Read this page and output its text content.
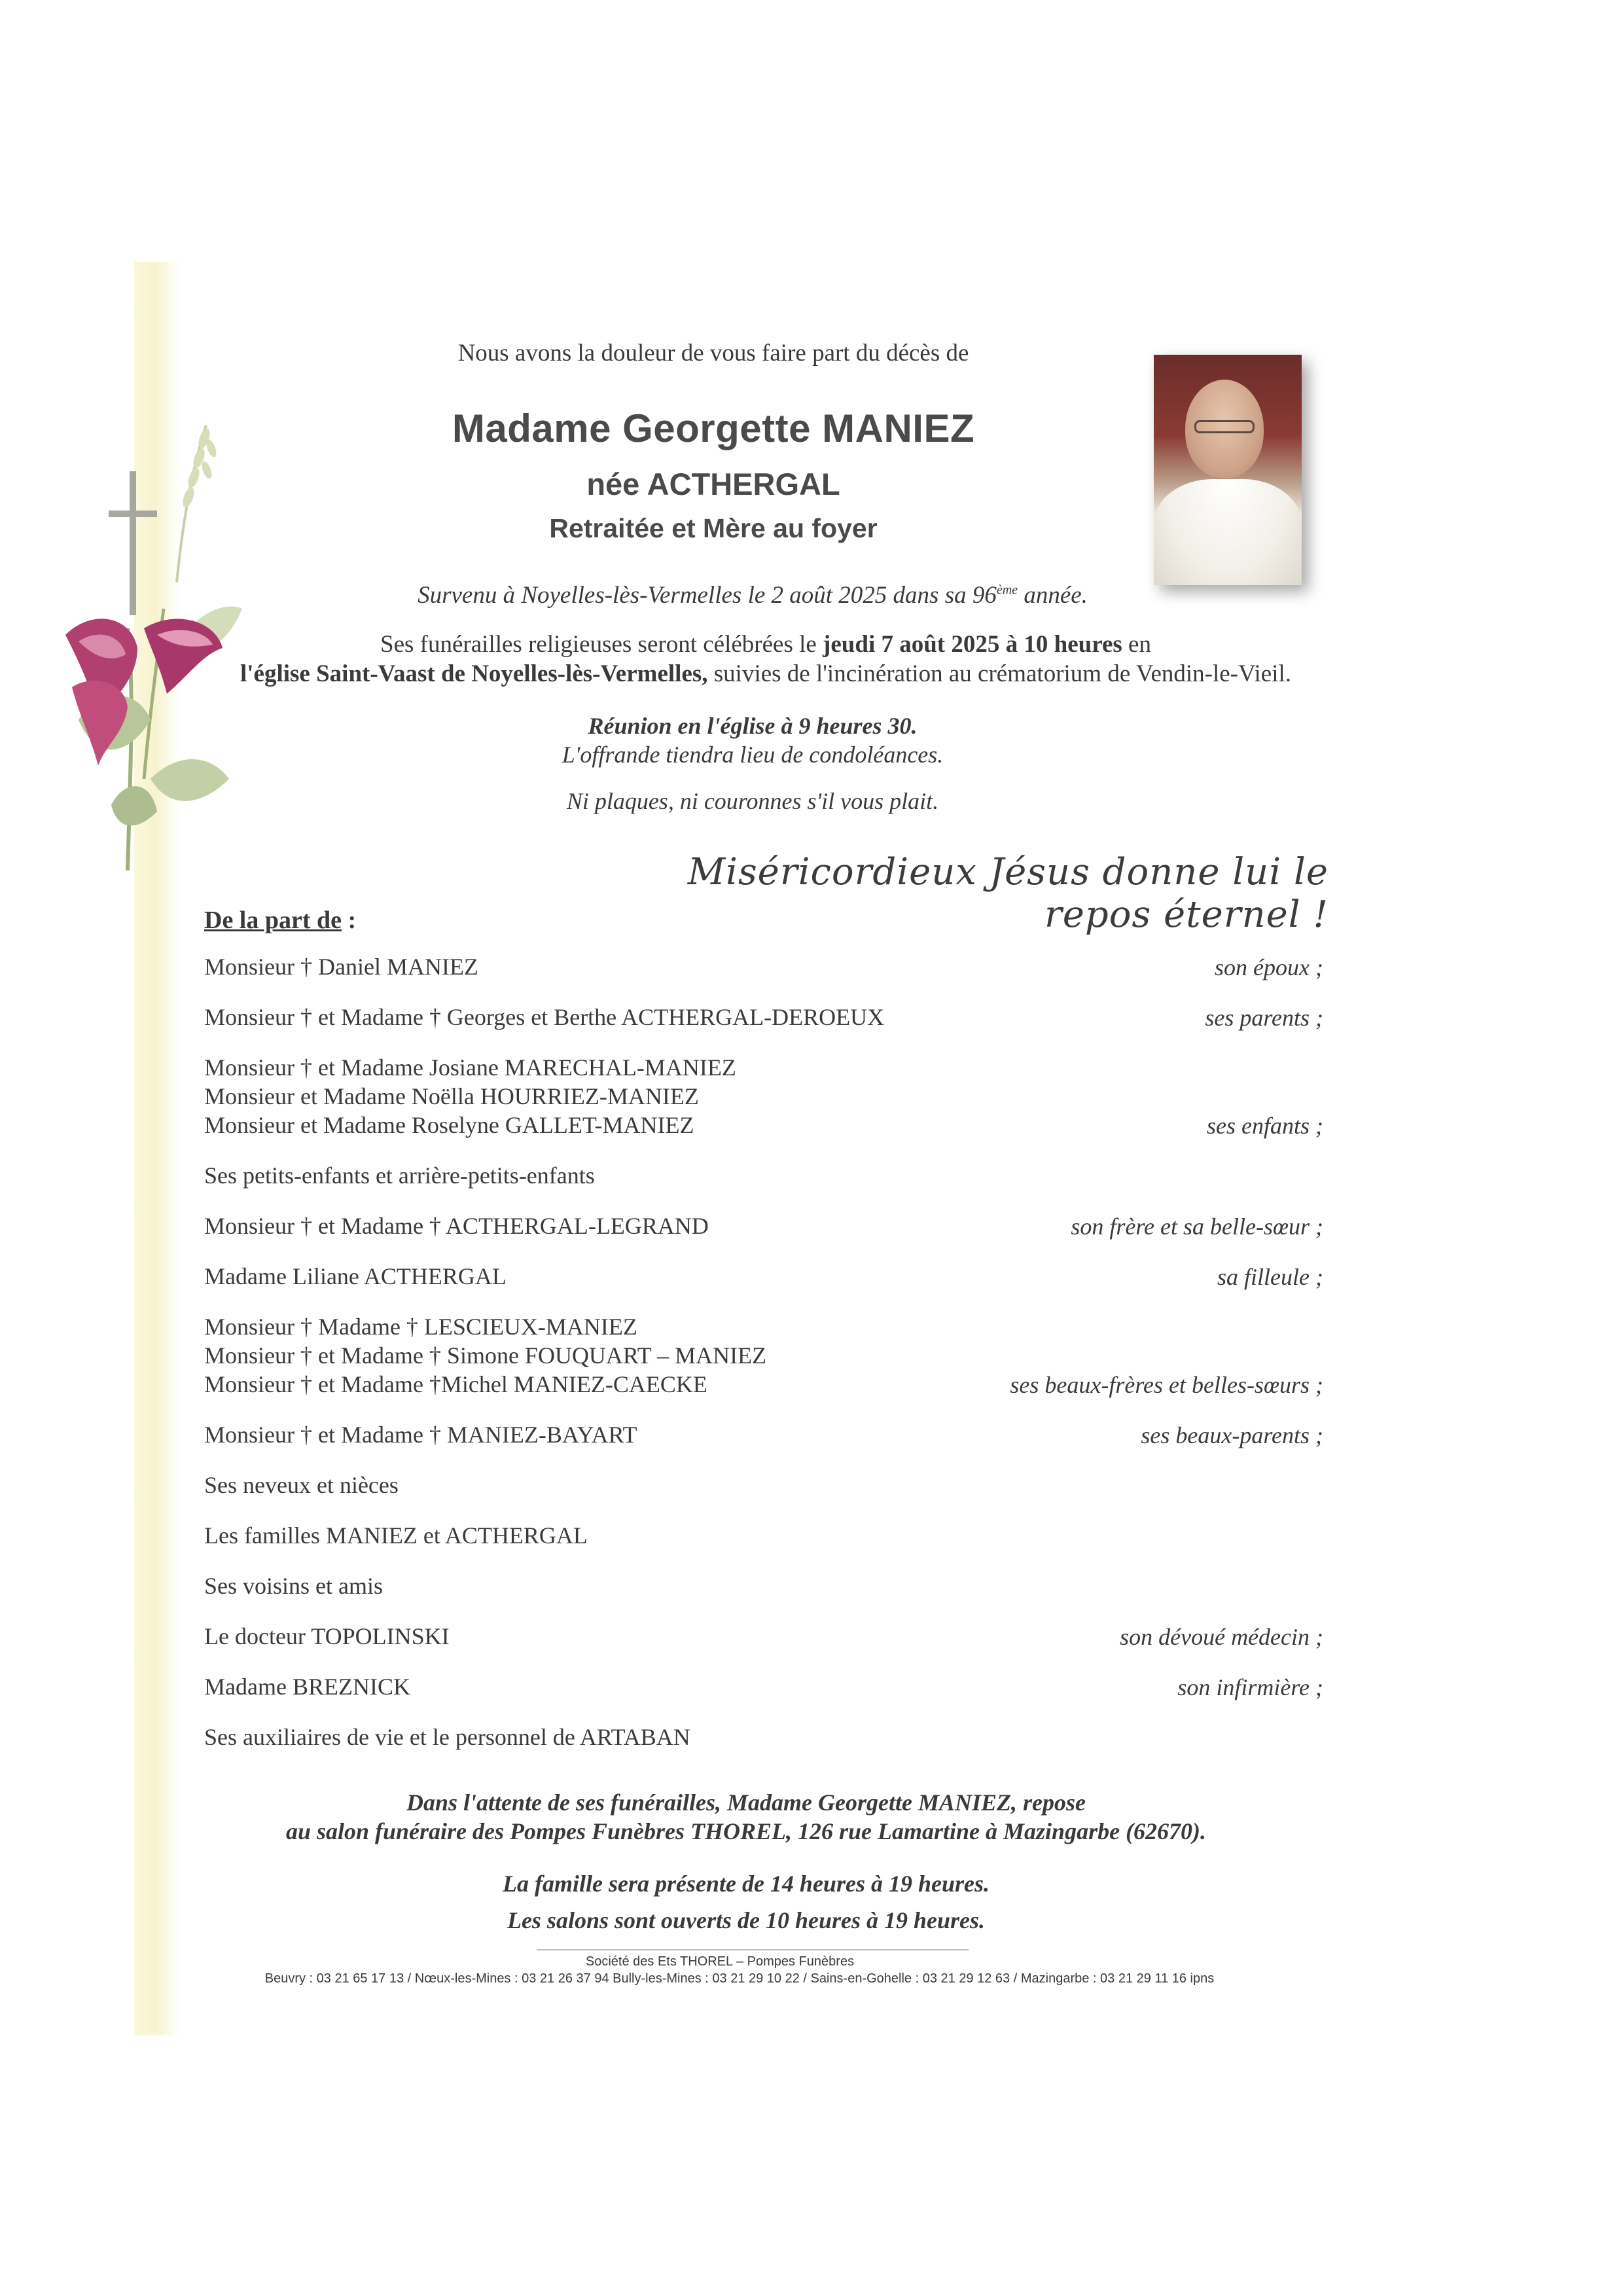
Nous avons la douleur de vous faire part du décès de
Madame Georgette MANIEZ
née ACTHERGAL
Retraitée et Mère au foyer
Survenu à Noyelles-lès-Vermelles le 2 août 2025 dans sa 96ème année.
Ses funérailles religieuses seront célébrées le jeudi 7 août 2025 à 10 heures en
l'église Saint-Vaast de Noyelles-lès-Vermelles, suivies de l'incinération au crématorium de Vendin-le-Vieil.
Réunion en l'église à 9 heures 30.
L'offrande tiendra lieu de condoléances.
Ni plaques, ni couronnes s'il vous plait.
Miséricordieux Jésus donne lui le repos éternel !
De la part de :
Monsieur † Daniel MANIEZ	son époux ;
Monsieur † et Madame † Georges et Berthe ACTHERGAL-DEROEUX	ses parents ;
Monsieur † et Madame Josiane MARECHAL-MANIEZ
Monsieur et Madame Noëlla HOURRIEZ-MANIEZ
Monsieur et Madame Roselyne GALLET-MANIEZ	ses enfants ;
Ses petits-enfants et arrière-petits-enfants
Monsieur † et Madame † ACTHERGAL-LEGRAND	son frère et sa belle-sœur ;
Madame Liliane ACTHERGAL	sa filleule ;
Monsieur † Madame † LESCIEUX-MANIEZ
Monsieur † et Madame † Simone FOUQUART – MANIEZ
Monsieur † et Madame †Michel MANIEZ-CAECKE	ses beaux-frères et belles-sœurs ;
Monsieur † et Madame † MANIEZ-BAYART	ses beaux-parents ;
Ses neveux et nièces
Les familles MANIEZ et ACTHERGAL
Ses voisins et amis
Le docteur TOPOLINSKI	son dévoué médecin ;
Madame BREZNICK	son infirmière ;
Ses auxiliaires de vie et le personnel de ARTABAN
Dans l'attente de ses funérailles, Madame Georgette MANIEZ, repose
au salon funéraire des Pompes Funèbres THOREL, 126 rue Lamartine à Mazingarbe (62670).
La famille sera présente de 14 heures à 19 heures.
Les salons sont ouverts de 10 heures à 19 heures.
Société des Ets THOREL – Pompes Funèbres
Beuvry : 03 21 65 17 13 / Nœux-les-Mines : 03 21 26 37 94 Bully-les-Mines : 03 21 29 10 22 / Sains-en-Gohelle : 03 21 29 12 63 / Mazingarbe : 03 21 29 11 16 ipns
